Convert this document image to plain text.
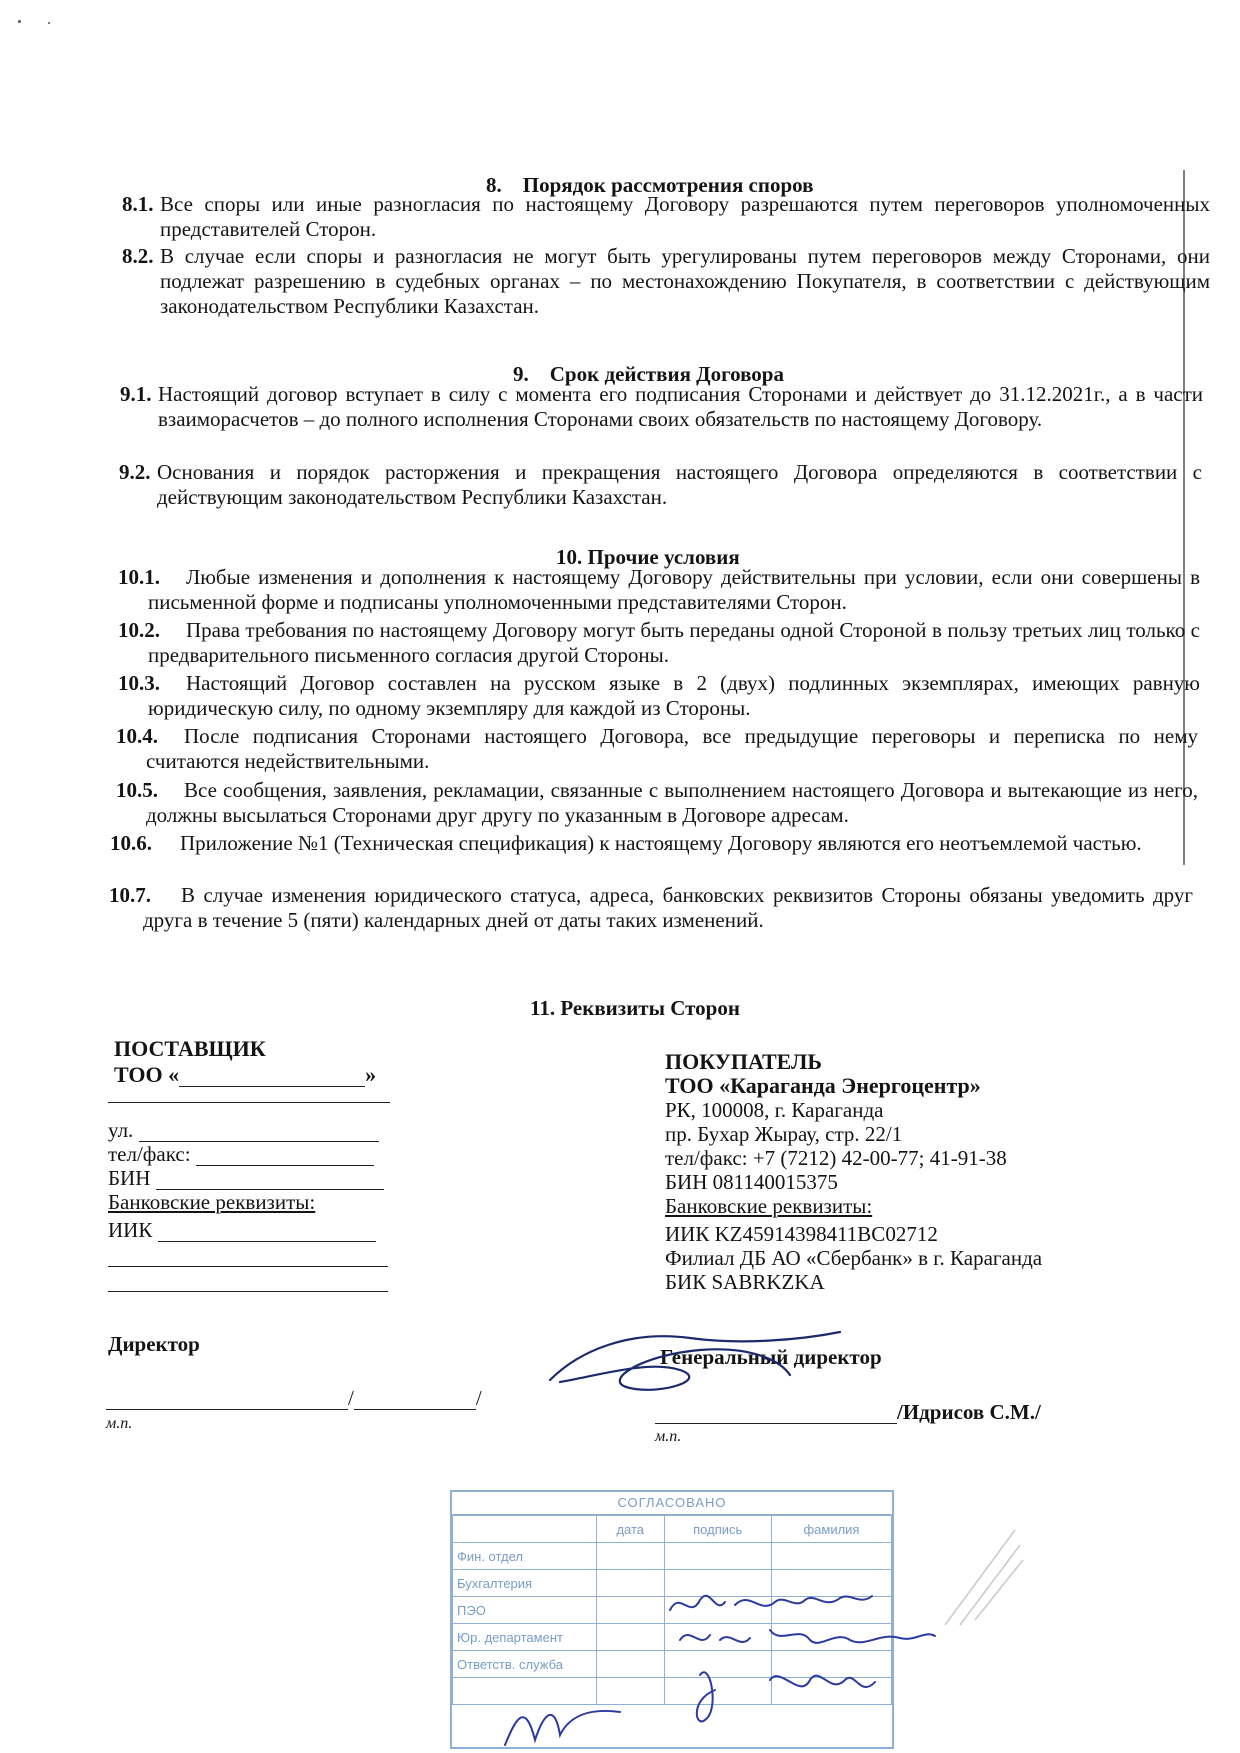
8. Порядок рассмотрения споров
8.1. Все споры или иные разногласия по настоящему Договору разрешаются путем переговоров уполномоченных представителей Сторон.
8.2. В случае если споры и разногласия не могут быть урегулированы путем переговоров между Сторонами, они подлежат разрешению в судебных органах – по местонахождению Покупателя, в соответствии с действующим законодательством Республики Казахстан.
9. Срок действия Договора
9.1. Настоящий договор вступает в силу с момента его подписания Сторонами и действует до 31.12.2021г., а в части взаиморасчетов – до полного исполнения Сторонами своих обязательств по настоящему Договору.
9.2. Основания и порядок расторжения и прекращения настоящего Договора определяются в соответствии с действующим законодательством Республики Казахстан.
10. Прочие условия
10.1.	Любые изменения и дополнения к настоящему Договору действительны при условии, если они совершены в письменной форме и подписаны уполномоченными представителями Сторон.
10.2.	Права требования по настоящему Договору могут быть переданы одной Стороной в пользу третьих лиц только с предварительного письменного согласия другой Стороны.
10.3.	Настоящий Договор составлен на русском языке в 2 (двух) подлинных экземплярах, имеющих равную юридическую силу, по одному экземпляру для каждой из Стороны.
10.4.	После подписания Сторонами настоящего Договора, все предыдущие переговоры и переписка по нему считаются недействительными.
10.5.	Все сообщения, заявления, рекламации, связанные с выполнением настоящего Договора и вытекающие из него, должны высылаться Сторонами друг другу по указанным в Договоре адресам.
10.6.	Приложение №1 (Техническая спецификация) к настоящему Договору являются его неотъемлемой частью.
10.7.	В случае изменения юридического статуса, адреса, банковских реквизитов Стороны обязаны уведомить друг друга в течение 5 (пяти) календарных дней от даты таких изменений.
11. Реквизиты Сторон
ПОСТАВЩИК
ТОО «	»
ул.
тел/факс:
БИН
Банковские реквизиты:
ИИК
Директор
/	/
м.п.
ПОКУПАТЕЛЬ
ТОО «Караганда Энергоцентр»
РК, 100008, г. Караганда
пр. Бухар Жырау, стр. 22/1
тел/факс: +7 (7212) 42-00-77; 41-91-38
БИН 081140015375
Банковские реквизиты:
ИИК KZ45914398411BC02712
Филиал ДБ АО «Сбербанк» в г. Караганда
БИК SABRKZKA
Генеральный директор
/Идрисов С.М./
м.п.
СОГЛАСОВАНО
	дата	подпись	фамилия
Фин. отдел			
Бухгалтерия			
ПЭО			
Юр. департамент			
Ответств. служба			
